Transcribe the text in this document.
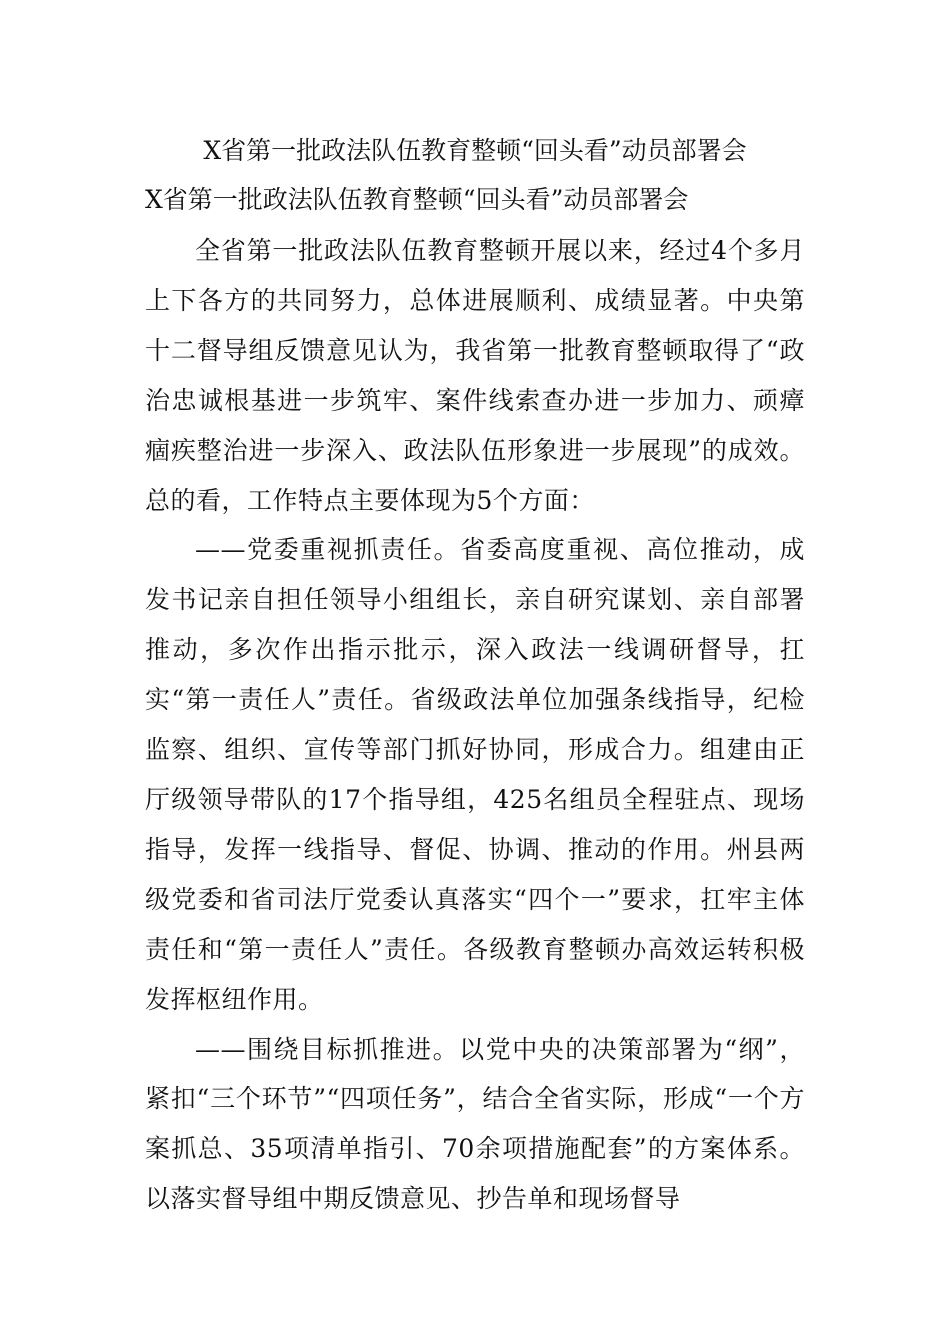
X省第一批政法队伍教育整顿“回头看”动员部署会
X省第一批政法队伍教育整顿“回头看”动员部署会

全省第一批政法队伍教育整顿开展以来，经过4个多月上下各方的共同努力，总体进展顺利、成绩显著。中央第十二督导组反馈意见认为，我省第一批教育整顿取得了“政治忠诚根基进一步筑牢、案件线索查办进一步加力、顽瘴痼疾整治进一步深入、政法队伍形象进一步展现”的成效。总的看，工作特点主要体现为5个方面：

——党委重视抓责任。省委高度重视、高位推动，成发书记亲自担任领导小组组长，亲自研究谋划、亲自部署推动，多次作出指示批示，深入政法一线调研督导，扛实“第一责任人”责任。省级政法单位加强条线指导，纪检监察、组织、宣传等部门抓好协同，形成合力。组建由正厅级领导带队的17个指导组，425名组员全程驻点、现场指导，发挥一线指导、督促、协调、推动的作用。州县两级党委和省司法厅党委认真落实“四个一”要求，扛牢主体责任和“第一责任人”责任。各级教育整顿办高效运转积极发挥枢纽作用。

——围绕目标抓推进。以党中央的决策部署为“纲”，紧扣“三个环节”“四项任务”，结合全省实际，形成“一个方案抓总、35项清单指引、70余项措施配套”的方案体系。以落实督导组中期反馈意见、抄告单和现场督导
